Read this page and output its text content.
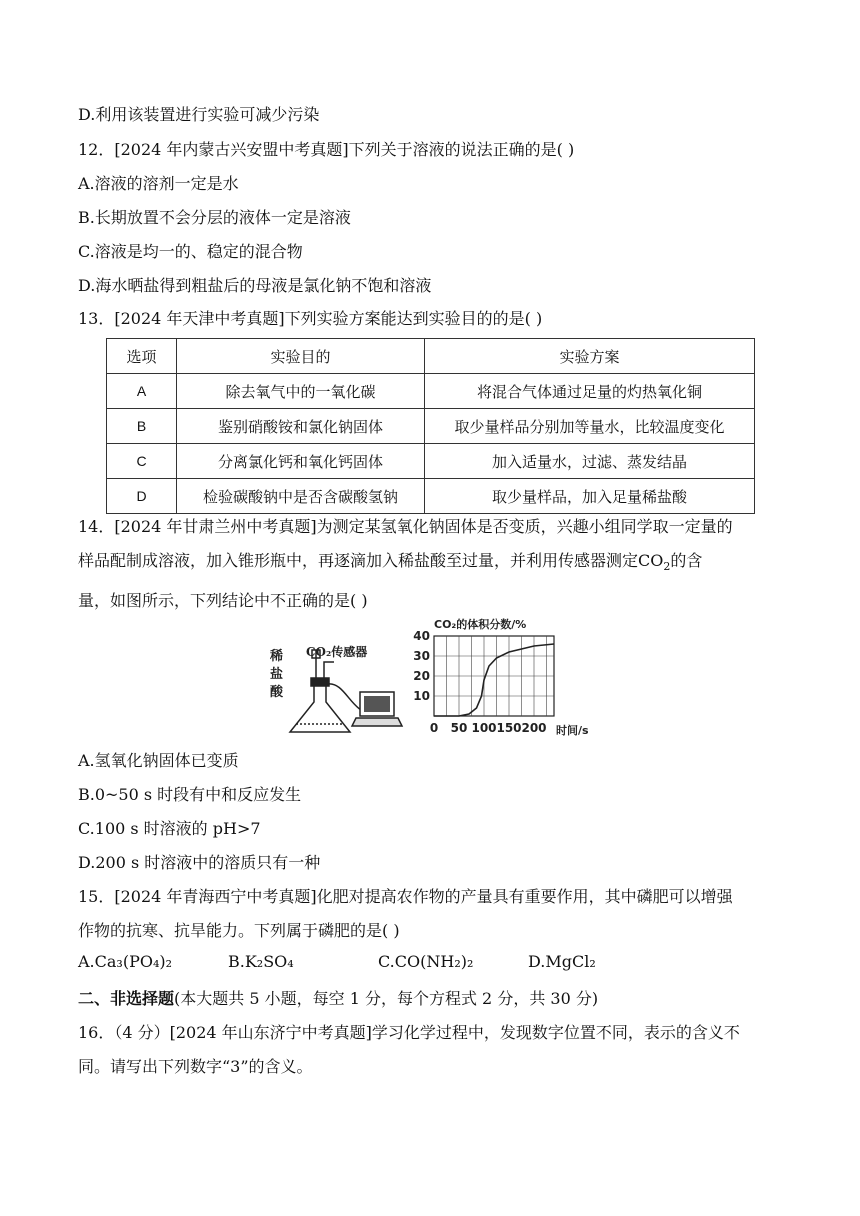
D.利用该装置进行实验可减少污染
12．[2024 年内蒙古兴安盟中考真题]下列关于溶液的说法正确的是( )
A.溶液的溶剂一定是水
B.长期放置不会分层的液体一定是溶液
C.溶液是均一的、稳定的混合物
D.海水晒盐得到粗盐后的母液是氯化钠不饱和溶液
13．[2024 年天津中考真题]下列实验方案能达到实验目的的是( )
选项	实验目的	实验方案
A	除去氧气中的一氧化碳	将混合气体通过足量的灼热氧化铜
B	鉴别硝酸铵和氯化钠固体	取少量样品分别加等量水，比较温度变化
C	分离氯化钙和氧化钙固体	加入适量水，过滤、蒸发结晶
D	检验碳酸钠中是否含碳酸氢钠	取少量样品，加入足量稀盐酸
14．[2024 年甘肃兰州中考真题]为测定某氢氧化钠固体是否变质，兴趣小组同学取一定量的
样品配制成溶液，加入锥形瓶中，再逐滴加入稀盐酸至过量，并利用传感器测定$CO_2$的含
量，如图所示，下列结论中不正确的是( )
稀
盐
酸
CO₂传感器
CO₂的体积分数/%
10
20
30
40
0 50 100 150 200 时间/s
A.氢氧化钠固体已变质
B.0~50 s 时段有中和反应发生
C.100 s 时溶液的 pH>7
D.200 s 时溶液中的溶质只有一种
15．[2024 年青海西宁中考真题]化肥对提高农作物的产量具有重要作用，其中磷肥可以增强
作物的抗寒、抗旱能力。下列属于磷肥的是( )
A.Ca₃(PO₄)₂	B.K₂SO₄	C.CO(NH₂)₂	D.MgCl₂
二、非选择题(本大题共 5 小题，每空 1 分，每个方程式 2 分，共 30 分)
16．（4 分）[2024 年山东济宁中考真题]学习化学过程中，发现数字位置不同，表示的含义不
同。请写出下列数字“3”的含义。
